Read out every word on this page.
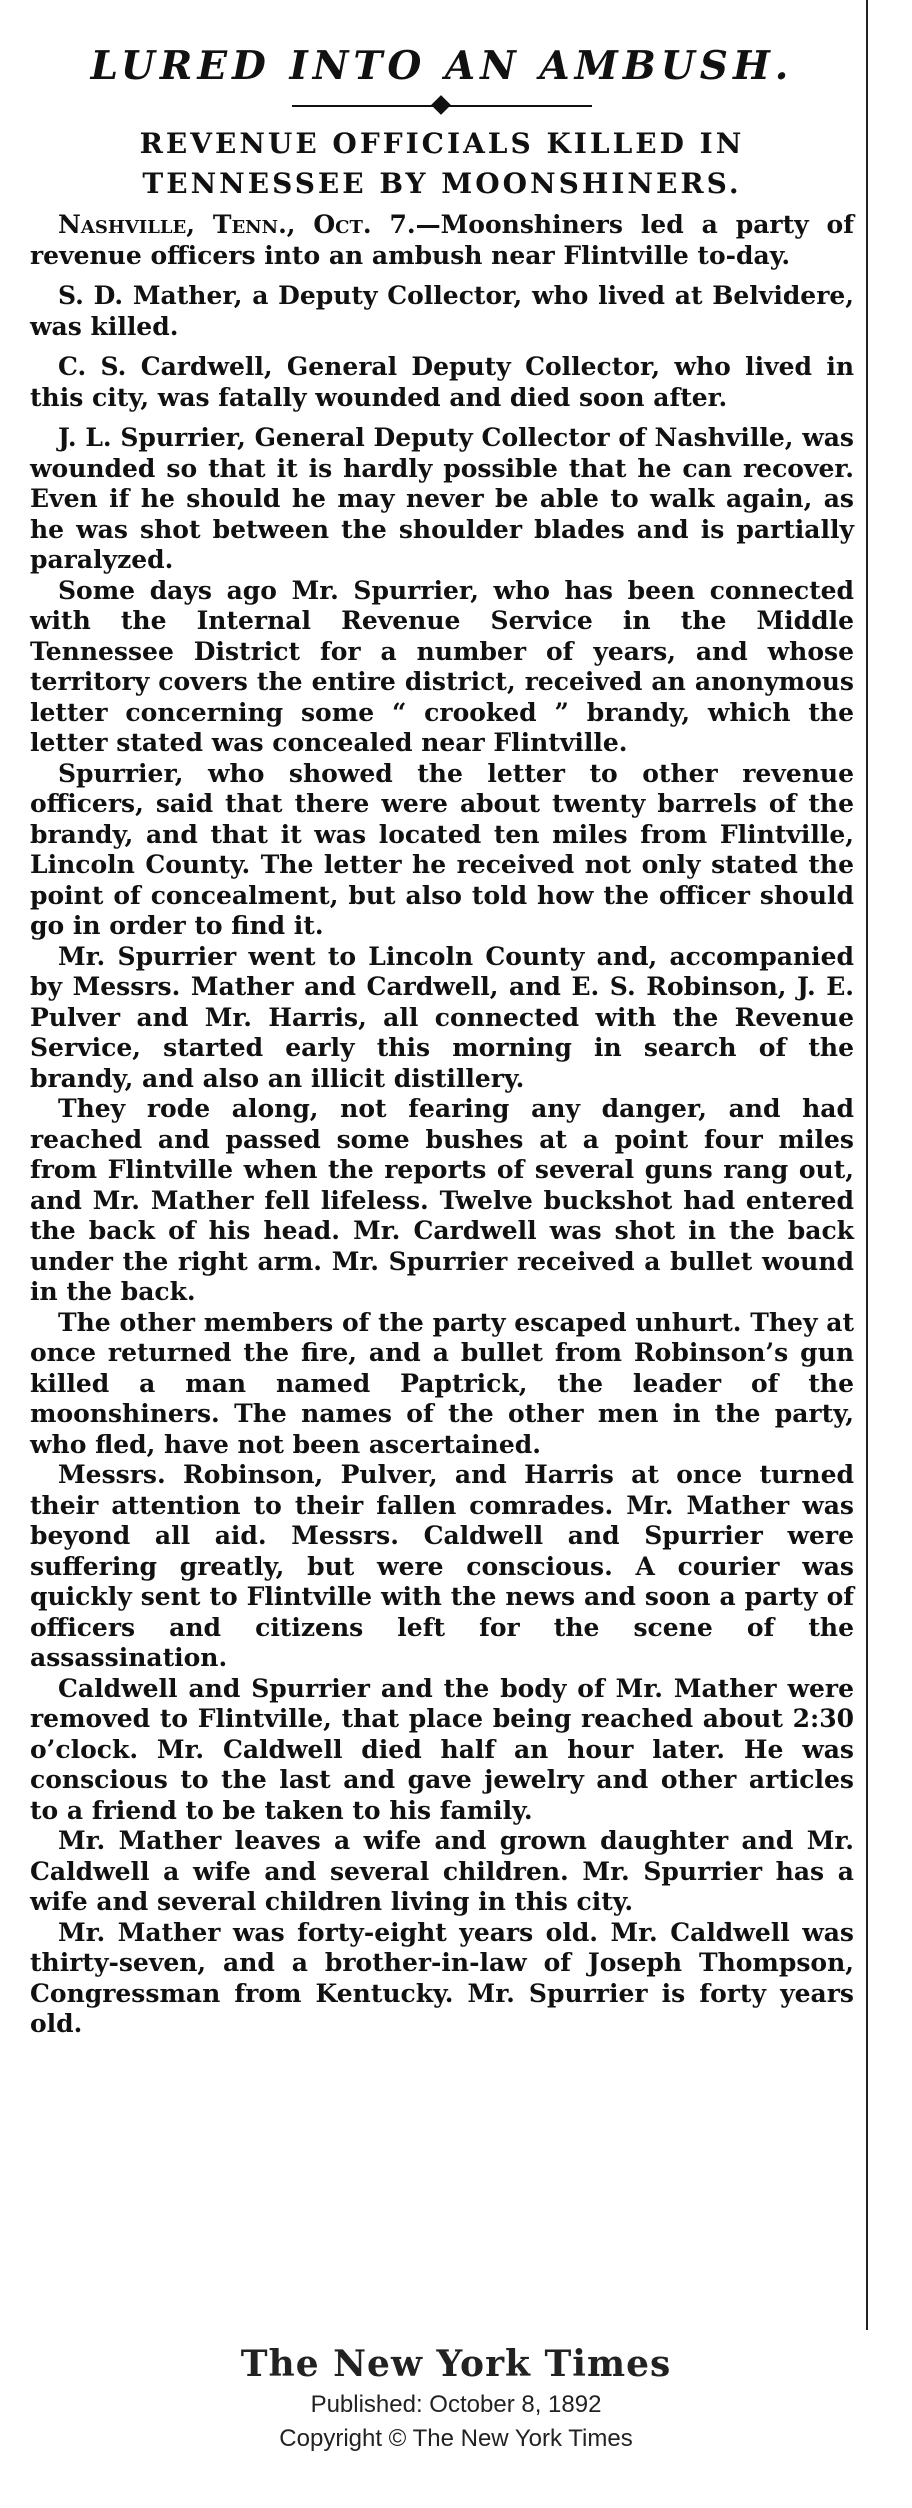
LURED INTO AN AMBUSH.
REVENUE OFFICIALS KILLED IN TENNESSEE BY MOONSHINERS.

Nashville, Tenn., Oct. 7.—Moonshiners led a party of revenue officers into an ambush near Flintville to-day.

S. D. Mather, a Deputy Collector, who lived at Belvidere, was killed.

C. S. Cardwell, General Deputy Collector, who lived in this city, was fatally wounded and died soon after.

J. L. Spurrier, General Deputy Collector of Nashville, was wounded so that it is hardly possible that he can recover. Even if he should he may never be able to walk again, as he was shot between the shoulder blades and is partially paralyzed.

Some days ago Mr. Spurrier, who has been connected with the Internal Revenue Service in the Middle Tennessee District for a number of years, and whose territory covers the entire district, received an anonymous letter concerning some “ crooked ” brandy, which the letter stated was concealed near Flintville.

Spurrier, who showed the letter to other revenue officers, said that there were about twenty barrels of the brandy, and that it was located ten miles from Flintville, Lincoln County. The letter he received not only stated the point of concealment, but also told how the officer should go in order to find it.

Mr. Spurrier went to Lincoln County and, accompanied by Messrs. Mather and Cardwell, and E. S. Robinson, J. E. Pulver and Mr. Harris, all connected with the Revenue Service, started early this morning in search of the brandy, and also an illicit distillery.

They rode along, not fearing any danger, and had reached and passed some bushes at a point four miles from Flintville when the reports of several guns rang out, and Mr. Mather fell lifeless. Twelve buckshot had entered the back of his head. Mr. Cardwell was shot in the back under the right arm. Mr. Spurrier received a bullet wound in the back.

The other members of the party escaped unhurt. They at once returned the fire, and a bullet from Robinson’s gun killed a man named Paptrick, the leader of the moonshiners. The names of the other men in the party, who fled, have not been ascertained.

Messrs. Robinson, Pulver, and Harris at once turned their attention to their fallen comrades. Mr. Mather was beyond all aid. Messrs. Caldwell and Spurrier were suffering greatly, but were conscious. A courier was quickly sent to Flintville with the news and soon a party of officers and citizens left for the scene of the assassination.

Caldwell and Spurrier and the body of Mr. Mather were removed to Flintville, that place being reached about 2:30 o’clock. Mr. Caldwell died half an hour later. He was conscious to the last and gave jewelry and other articles to a friend to be taken to his family.

Mr. Mather leaves a wife and grown daughter and Mr. Caldwell a wife and several children. Mr. Spurrier has a wife and several children living in this city.

Mr. Mather was forty-eight years old. Mr. Caldwell was thirty-seven, and a brother-in-law of Joseph Thompson, Congressman from Kentucky. Mr. Spurrier is forty years old.

The New York Times
Published: October 8, 1892
Copyright © The New York Times
